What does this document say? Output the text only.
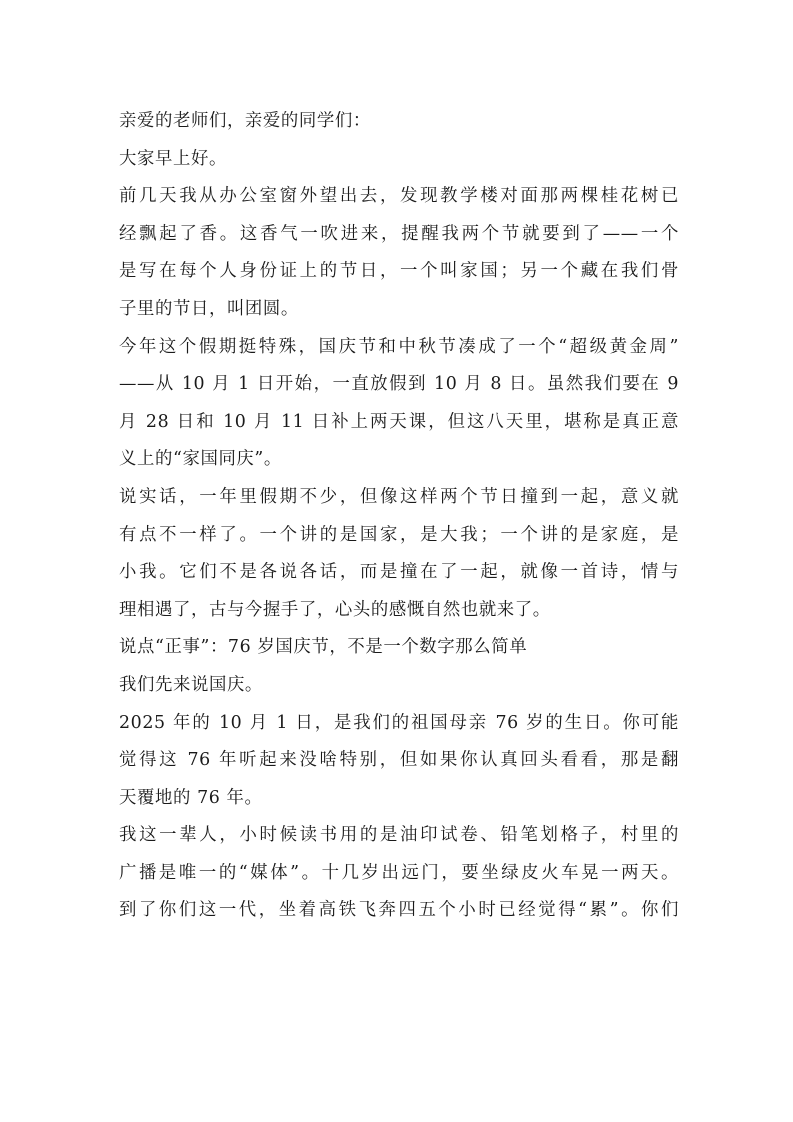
亲爱的老师们，亲爱的同学们：
大家早上好。
前几天我从办公室窗外望出去，发现教学楼对面那两棵桂花树已
经飘起了香。这香气一吹进来，提醒我两个节就要到了——一个
是写在每个人身份证上的节日，一个叫家国；另一个藏在我们骨
子里的节日，叫团圆。
今年这个假期挺特殊，国庆节和中秋节凑成了一个“超级黄金周”
——从 10 月 1 日开始，一直放假到 10 月 8 日。虽然我们要在 9
月 28 日和 10 月 11 日补上两天课，但这八天里，堪称是真正意
义上的“家国同庆”。
说实话，一年里假期不少，但像这样两个节日撞到一起，意义就
有点不一样了。一个讲的是国家，是大我；一个讲的是家庭，是
小我。它们不是各说各话，而是撞在了一起，就像一首诗，情与
理相遇了，古与今握手了，心头的感慨自然也就来了。
说点“正事”：76 岁国庆节，不是一个数字那么简单
我们先来说国庆。
2025 年的 10 月 1 日，是我们的祖国母亲 76 岁的生日。你可能
觉得这 76 年听起来没啥特别，但如果你认真回头看看，那是翻
天覆地的 76 年。
我这一辈人，小时候读书用的是油印试卷、铅笔划格子，村里的
广播是唯一的“媒体”。十几岁出远门，要坐绿皮火车晃一两天。
到了你们这一代，坐着高铁飞奔四五个小时已经觉得“累”。你们
